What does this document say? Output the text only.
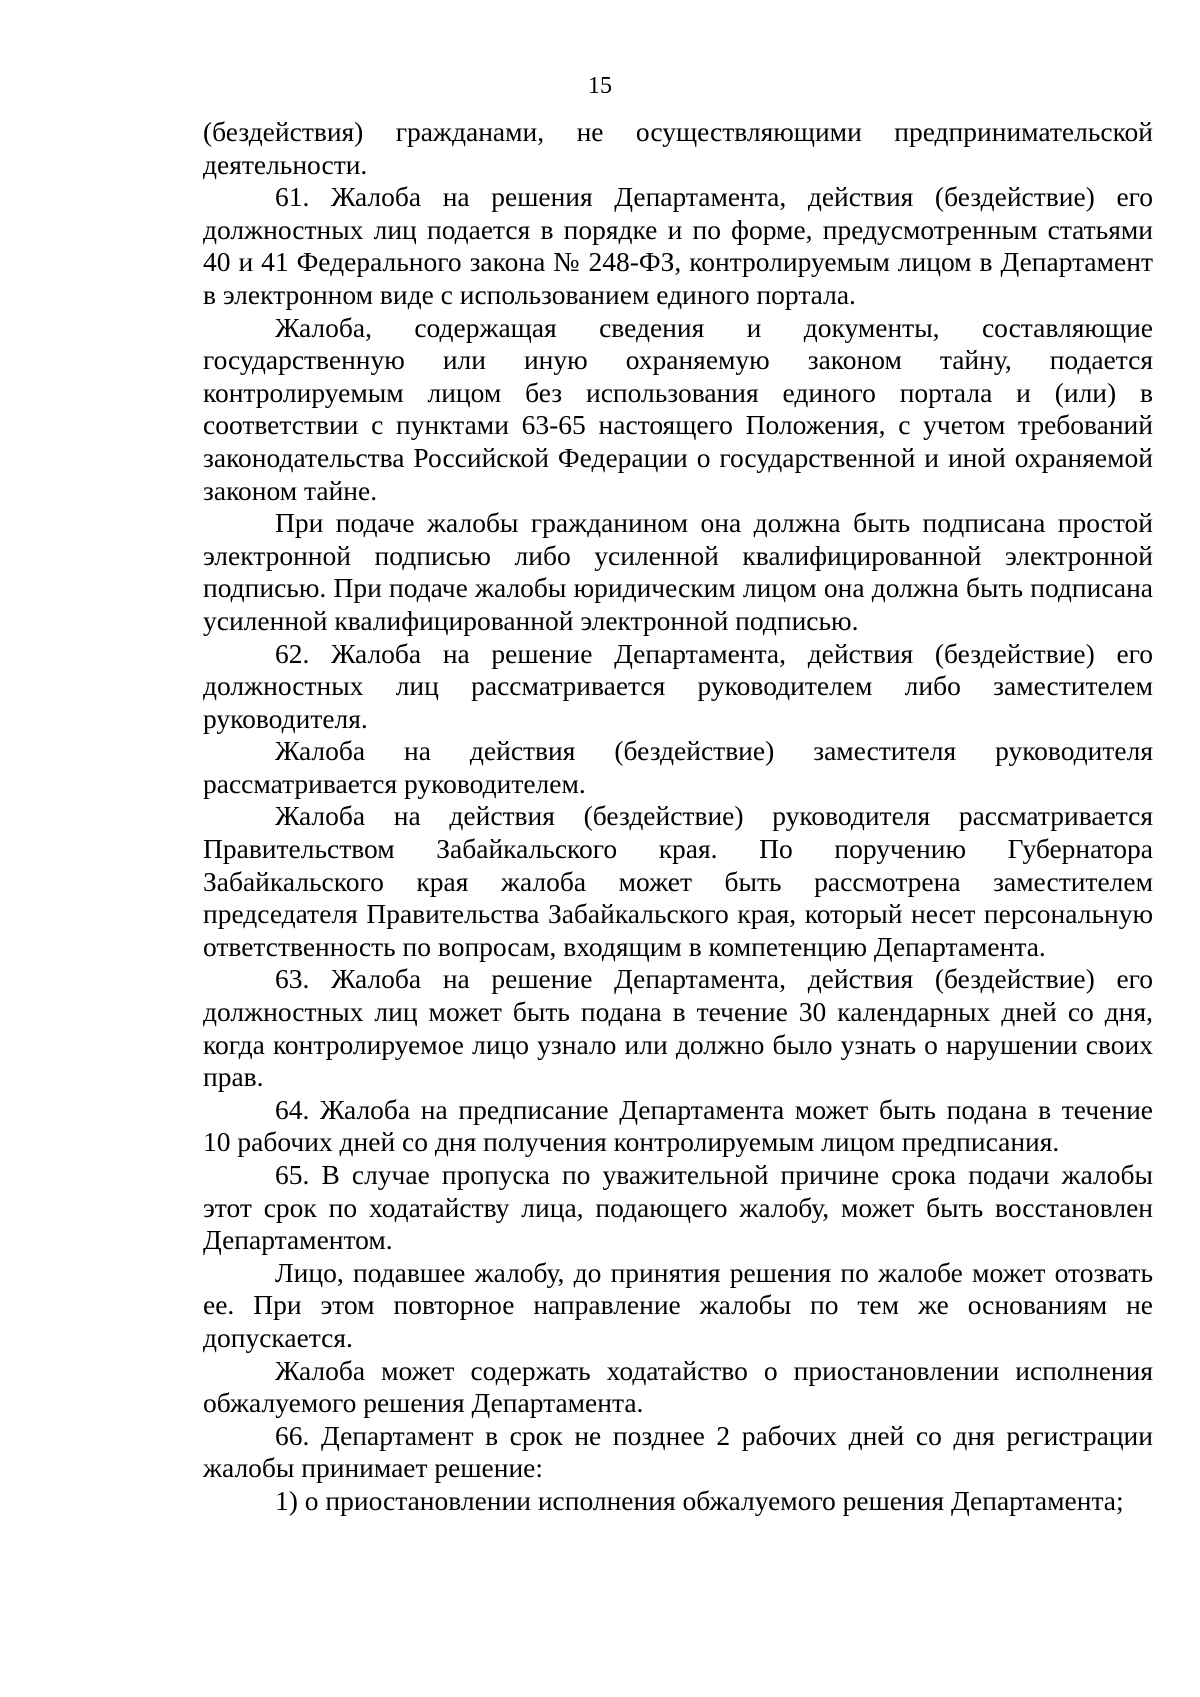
15

(бездействия) гражданами, не осуществляющими предпринимательской деятельности.

61. Жалоба на решения Департамента, действия (бездействие) его должностных лиц подается в порядке и по форме, предусмотренным статьями 40 и 41 Федерального закона № 248-ФЗ, контролируемым лицом в Департамент в электронном виде с использованием единого портала.

Жалоба, содержащая сведения и документы, составляющие государственную или иную охраняемую законом тайну, подается контролируемым лицом без использования единого портала и (или) в соответствии с пунктами 63-65 настоящего Положения, с учетом требований законодательства Российской Федерации о государственной и иной охраняемой законом тайне.

При подаче жалобы гражданином она должна быть подписана простой электронной подписью либо усиленной квалифицированной электронной подписью. При подаче жалобы юридическим лицом она должна быть подписана усиленной квалифицированной электронной подписью.

62. Жалоба на решение Департамента, действия (бездействие) его должностных лиц рассматривается руководителем либо заместителем руководителя.

Жалоба на действия (бездействие) заместителя руководителя рассматривается руководителем.

Жалоба на действия (бездействие) руководителя рассматривается Правительством Забайкальского края. По поручению Губернатора Забайкальского края жалоба может быть рассмотрена заместителем председателя Правительства Забайкальского края, который несет персональную ответственность по вопросам, входящим в компетенцию Департамента.

63. Жалоба на решение Департамента, действия (бездействие) его должностных лиц может быть подана в течение 30 календарных дней со дня, когда контролируемое лицо узнало или должно было узнать о нарушении своих прав.

64. Жалоба на предписание Департамента может быть подана в течение 10 рабочих дней со дня получения контролируемым лицом предписания.

65. В случае пропуска по уважительной причине срока подачи жалобы этот срок по ходатайству лица, подающего жалобу, может быть восстановлен Департаментом.

Лицо, подавшее жалобу, до принятия решения по жалобе может отозвать ее. При этом повторное направление жалобы по тем же основаниям не допускается.

Жалоба может содержать ходатайство о приостановлении исполнения обжалуемого решения Департамента.

66. Департамент в срок не позднее 2 рабочих дней со дня регистрации жалобы принимает решение:

1) о приостановлении исполнения обжалуемого решения Департамента;
